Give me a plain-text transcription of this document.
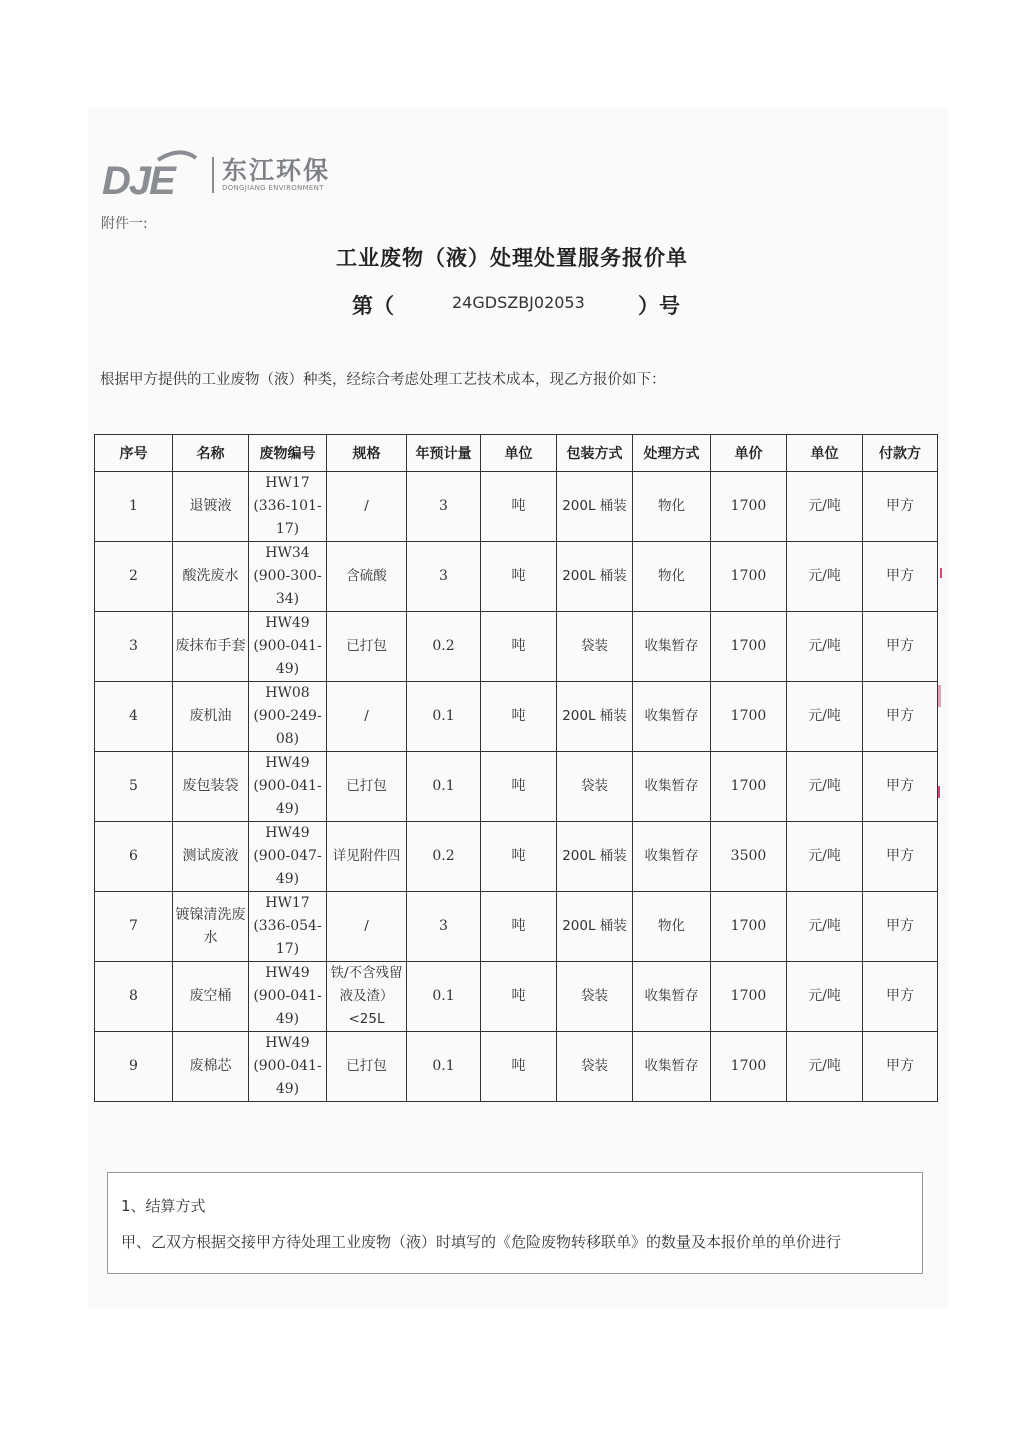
DJE 东江环保
DONGJIANG ENVIRONMENT
附件一:
工业废物（液）处理处置服务报价单
第（	24GDSZBJ02053	）号
根据甲方提供的工业废物（液）种类，经综合考虑处理工艺技术成本，现乙方报价如下：
序号	名称	废物编号	规格	年预计量	单位	包装方式	处理方式	单价	单位	付款方
1	退镀液	HW17 (336-101-17)	/	3	吨	200L 桶装	物化	1700	元/吨	甲方
2	酸洗废水	HW34 (900-300-34)	含硫酸	3	吨	200L 桶装	物化	1700	元/吨	甲方
3	废抹布手套	HW49 (900-041-49)	已打包	0.2	吨	袋装	收集暂存	1700	元/吨	甲方
4	废机油	HW08 (900-249-08)	/	0.1	吨	200L 桶装	收集暂存	1700	元/吨	甲方
5	废包装袋	HW49 (900-041-49)	已打包	0.1	吨	袋装	收集暂存	1700	元/吨	甲方
6	测试废液	HW49 (900-047-49)	详见附件四	0.2	吨	200L 桶装	收集暂存	3500	元/吨	甲方
7	镀镍清洗废水	HW17 (336-054-17)	/	3	吨	200L 桶装	物化	1700	元/吨	甲方
8	废空桶	HW49 (900-041-49)	铁/不含残留液及渣）<25L	0.1	吨	袋装	收集暂存	1700	元/吨	甲方
9	废棉芯	HW49 (900-041-49)	已打包	0.1	吨	袋装	收集暂存	1700	元/吨	甲方
1、结算方式
甲、乙双方根据交接甲方待处理工业废物（液）时填写的《危险废物转移联单》的数量及本报价单的单价进行
